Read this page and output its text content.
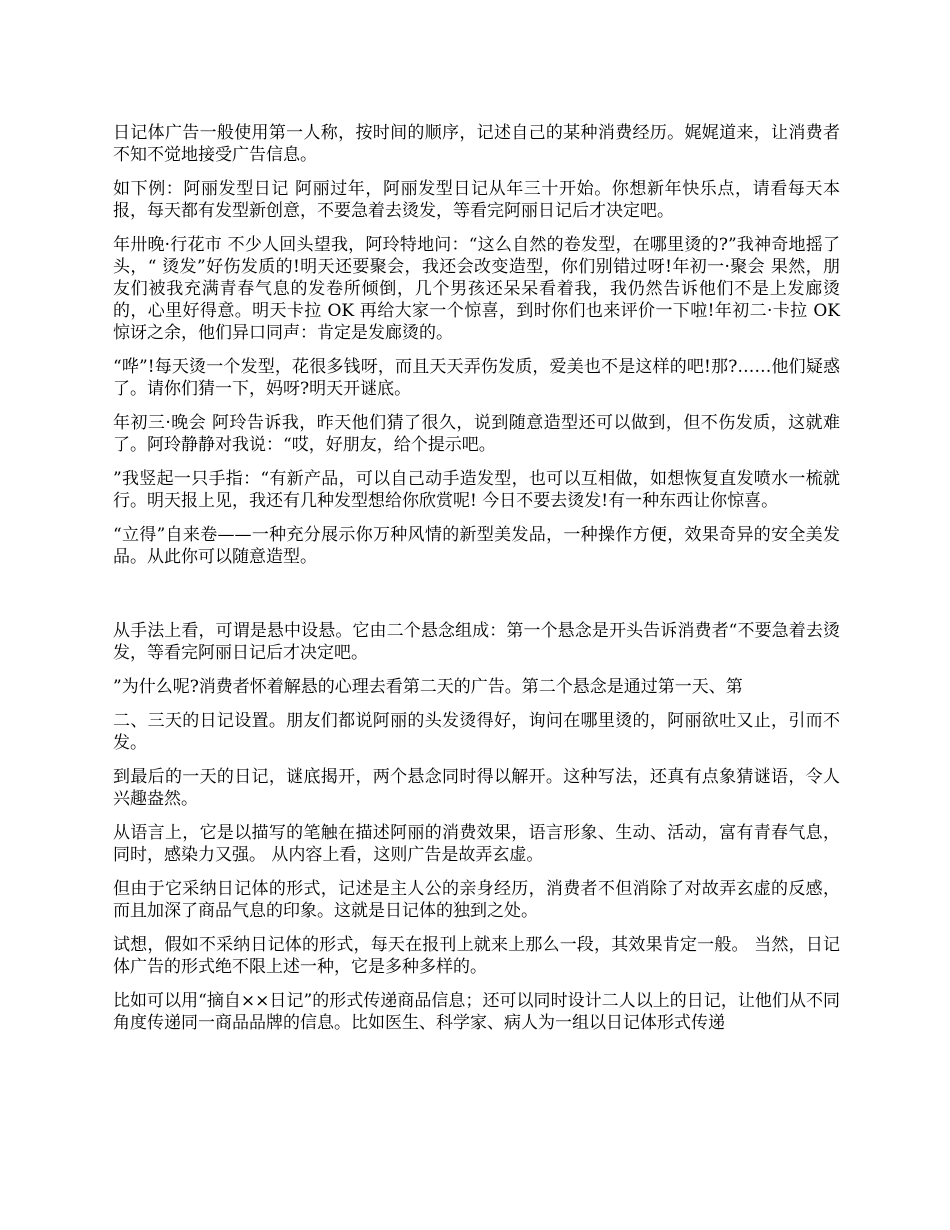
日记体广告一般使用第一人称，按时间的顺序，记述自己的某种消费经历。娓娓道来，让消费者不知不觉地接受广告信息。

如下例：阿丽发型日记 阿丽过年，阿丽发型日记从年三十开始。你想新年快乐点，请看每天本报，每天都有发型新创意，不要急着去烫发，等看完阿丽日记后才决定吧。

年卅晚·行花市 不少人回头望我，阿玲特地问：“这么自然的卷发型，在哪里烫的?”我神奇地摇了头，“ 烫发”好伤发质的!明天还要聚会，我还会改变造型，你们别错过呀!年初一·聚会 果然，朋友们被我充满青春气息的发卷所倾倒，几个男孩还呆呆看着我，我仍然告诉他们不是上发廊烫的，心里好得意。明天卡拉 OK 再给大家一个惊喜，到时你们也来评价一下啦!年初二·卡拉 OK 惊讶之余，他们异口同声：肯定是发廊烫的。

“哗”!每天烫一个发型，花很多钱呀，而且天天弄伤发质，爱美也不是这样的吧!那?……他们疑惑了。请你们猜一下，妈呀?明天开谜底。

年初三·晚会 阿玲告诉我，昨天他们猜了很久，说到随意造型还可以做到，但不伤发质，这就难了。阿玲静静对我说：“哎，好朋友，给个提示吧。

”我竖起一只手指：“有新产品，可以自己动手造发型，也可以互相做，如想恢复直发喷水一梳就行。明天报上见，我还有几种发型想给你欣赏呢! 今日不要去烫发!有一种东西让你惊喜。

“立得”自来卷——一种充分展示你万种风情的新型美发品，一种操作方便，效果奇异的安全美发品。从此你可以随意造型。

从手法上看，可谓是悬中设悬。它由二个悬念组成：第一个悬念是开头告诉消费者“不要急着去烫发，等看完阿丽日记后才决定吧。

”为什么呢?消费者怀着解悬的心理去看第二天的广告。第二个悬念是通过第一天、第

二、三天的日记设置。朋友们都说阿丽的头发烫得好，询问在哪里烫的，阿丽欲吐又止，引而不发。

到最后的一天的日记，谜底揭开，两个悬念同时得以解开。这种写法，还真有点象猜谜语，令人兴趣盎然。

从语言上，它是以描写的笔触在描述阿丽的消费效果，语言形象、生动、活动，富有青春气息，同时，感染力又强。 从内容上看，这则广告是故弄玄虚。

但由于它采纳日记体的形式，记述是主人公的亲身经历，消费者不但消除了对故弄玄虚的反感，而且加深了商品气息的印象。这就是日记体的独到之处。

试想，假如不采纳日记体的形式，每天在报刊上就来上那么一段，其效果肯定一般。 当然，日记体广告的形式绝不限上述一种，它是多种多样的。

比如可以用“摘自××日记”的形式传递商品信息；还可以同时设计二人以上的日记，让他们从不同角度传递同一商品品牌的信息。比如医生、科学家、病人为一组以日记体形式传递
